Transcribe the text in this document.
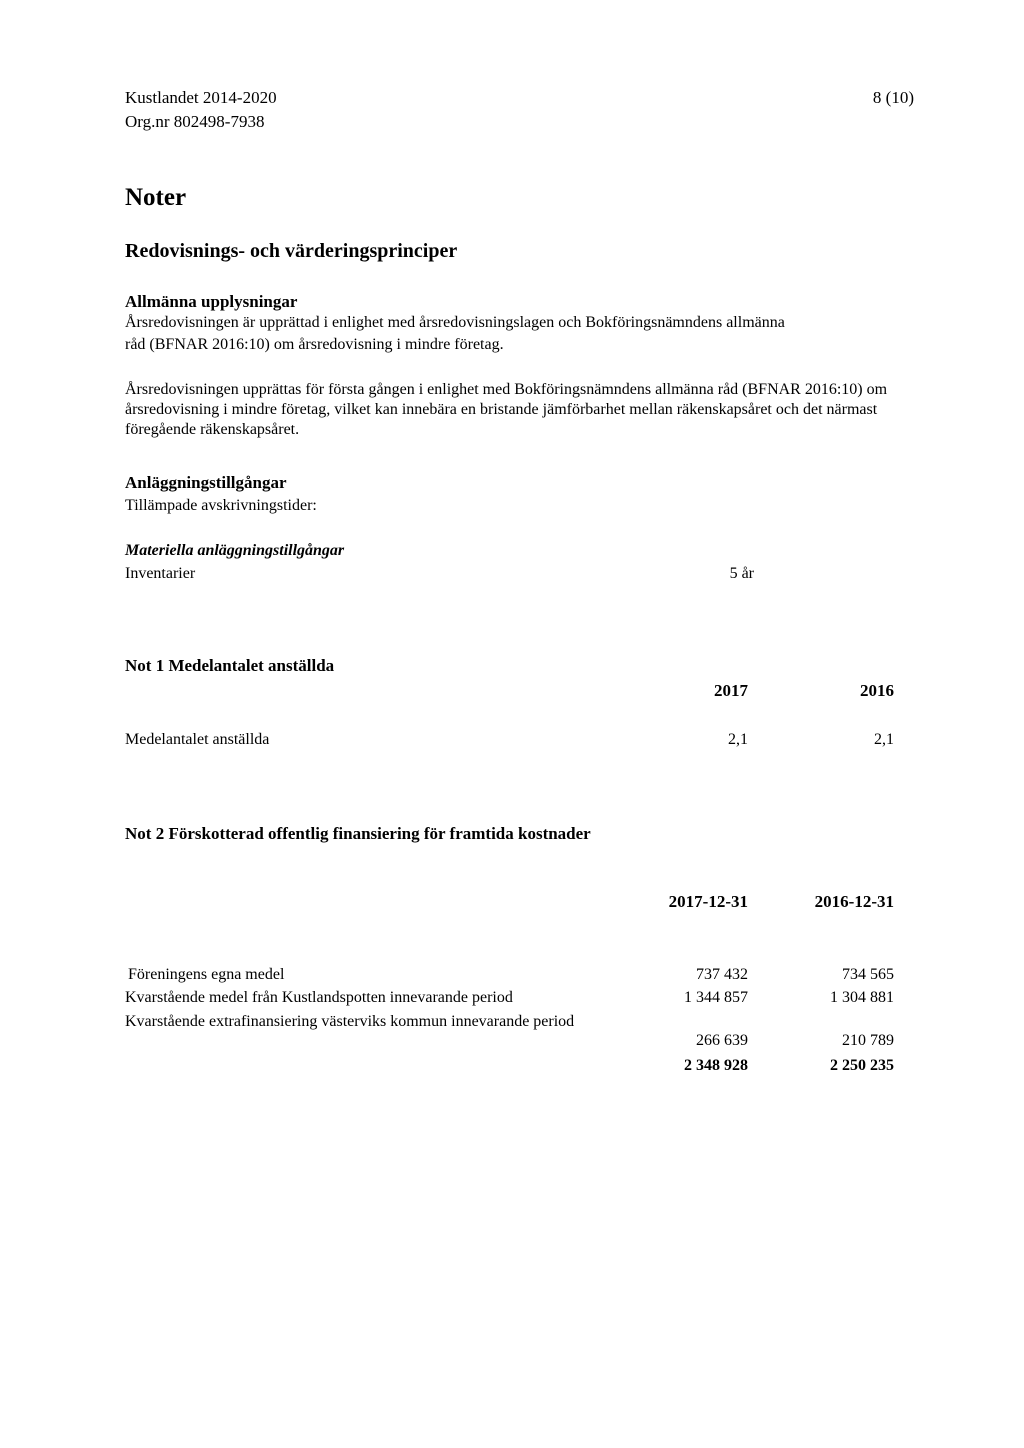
Kustlandet 2014-2020
Org.nr 802498-7938
8 (10)
Noter
Redovisnings- och värderingsprinciper
Allmänna upplysningar
Årsredovisningen är upprättad i enlighet med årsredovisningslagen och Bokföringsnämndens allmänna
råd (BFNAR 2016:10) om årsredovisning i mindre företag.
Årsredovisningen upprättas för första gången i enlighet med Bokföringsnämndens allmänna råd (BFNAR 2016:10) om årsredovisning i mindre företag, vilket kan innebära en bristande jämförbarhet mellan räkenskapsåret och det närmast föregående räkenskapsåret.
Anläggningstillgångar
Tillämpade avskrivningstider:
Materiella anläggningstillgångar
Inventarier	5 år
Not 1 Medelantalet anställda
2017	2016
Medelantalet anställda	2,1	2,1
Not 2 Förskotterad offentlig finansiering för framtida kostnader
2017-12-31	2016-12-31
Föreningens egna medel	737 432	734 565
Kvarstående medel från Kustlandspotten innevarande period	1 344 857	1 304 881
Kvarstående extrafinansiering västerviks kommun innevarande period
266 639	210 789
2 348 928	2 250 235
